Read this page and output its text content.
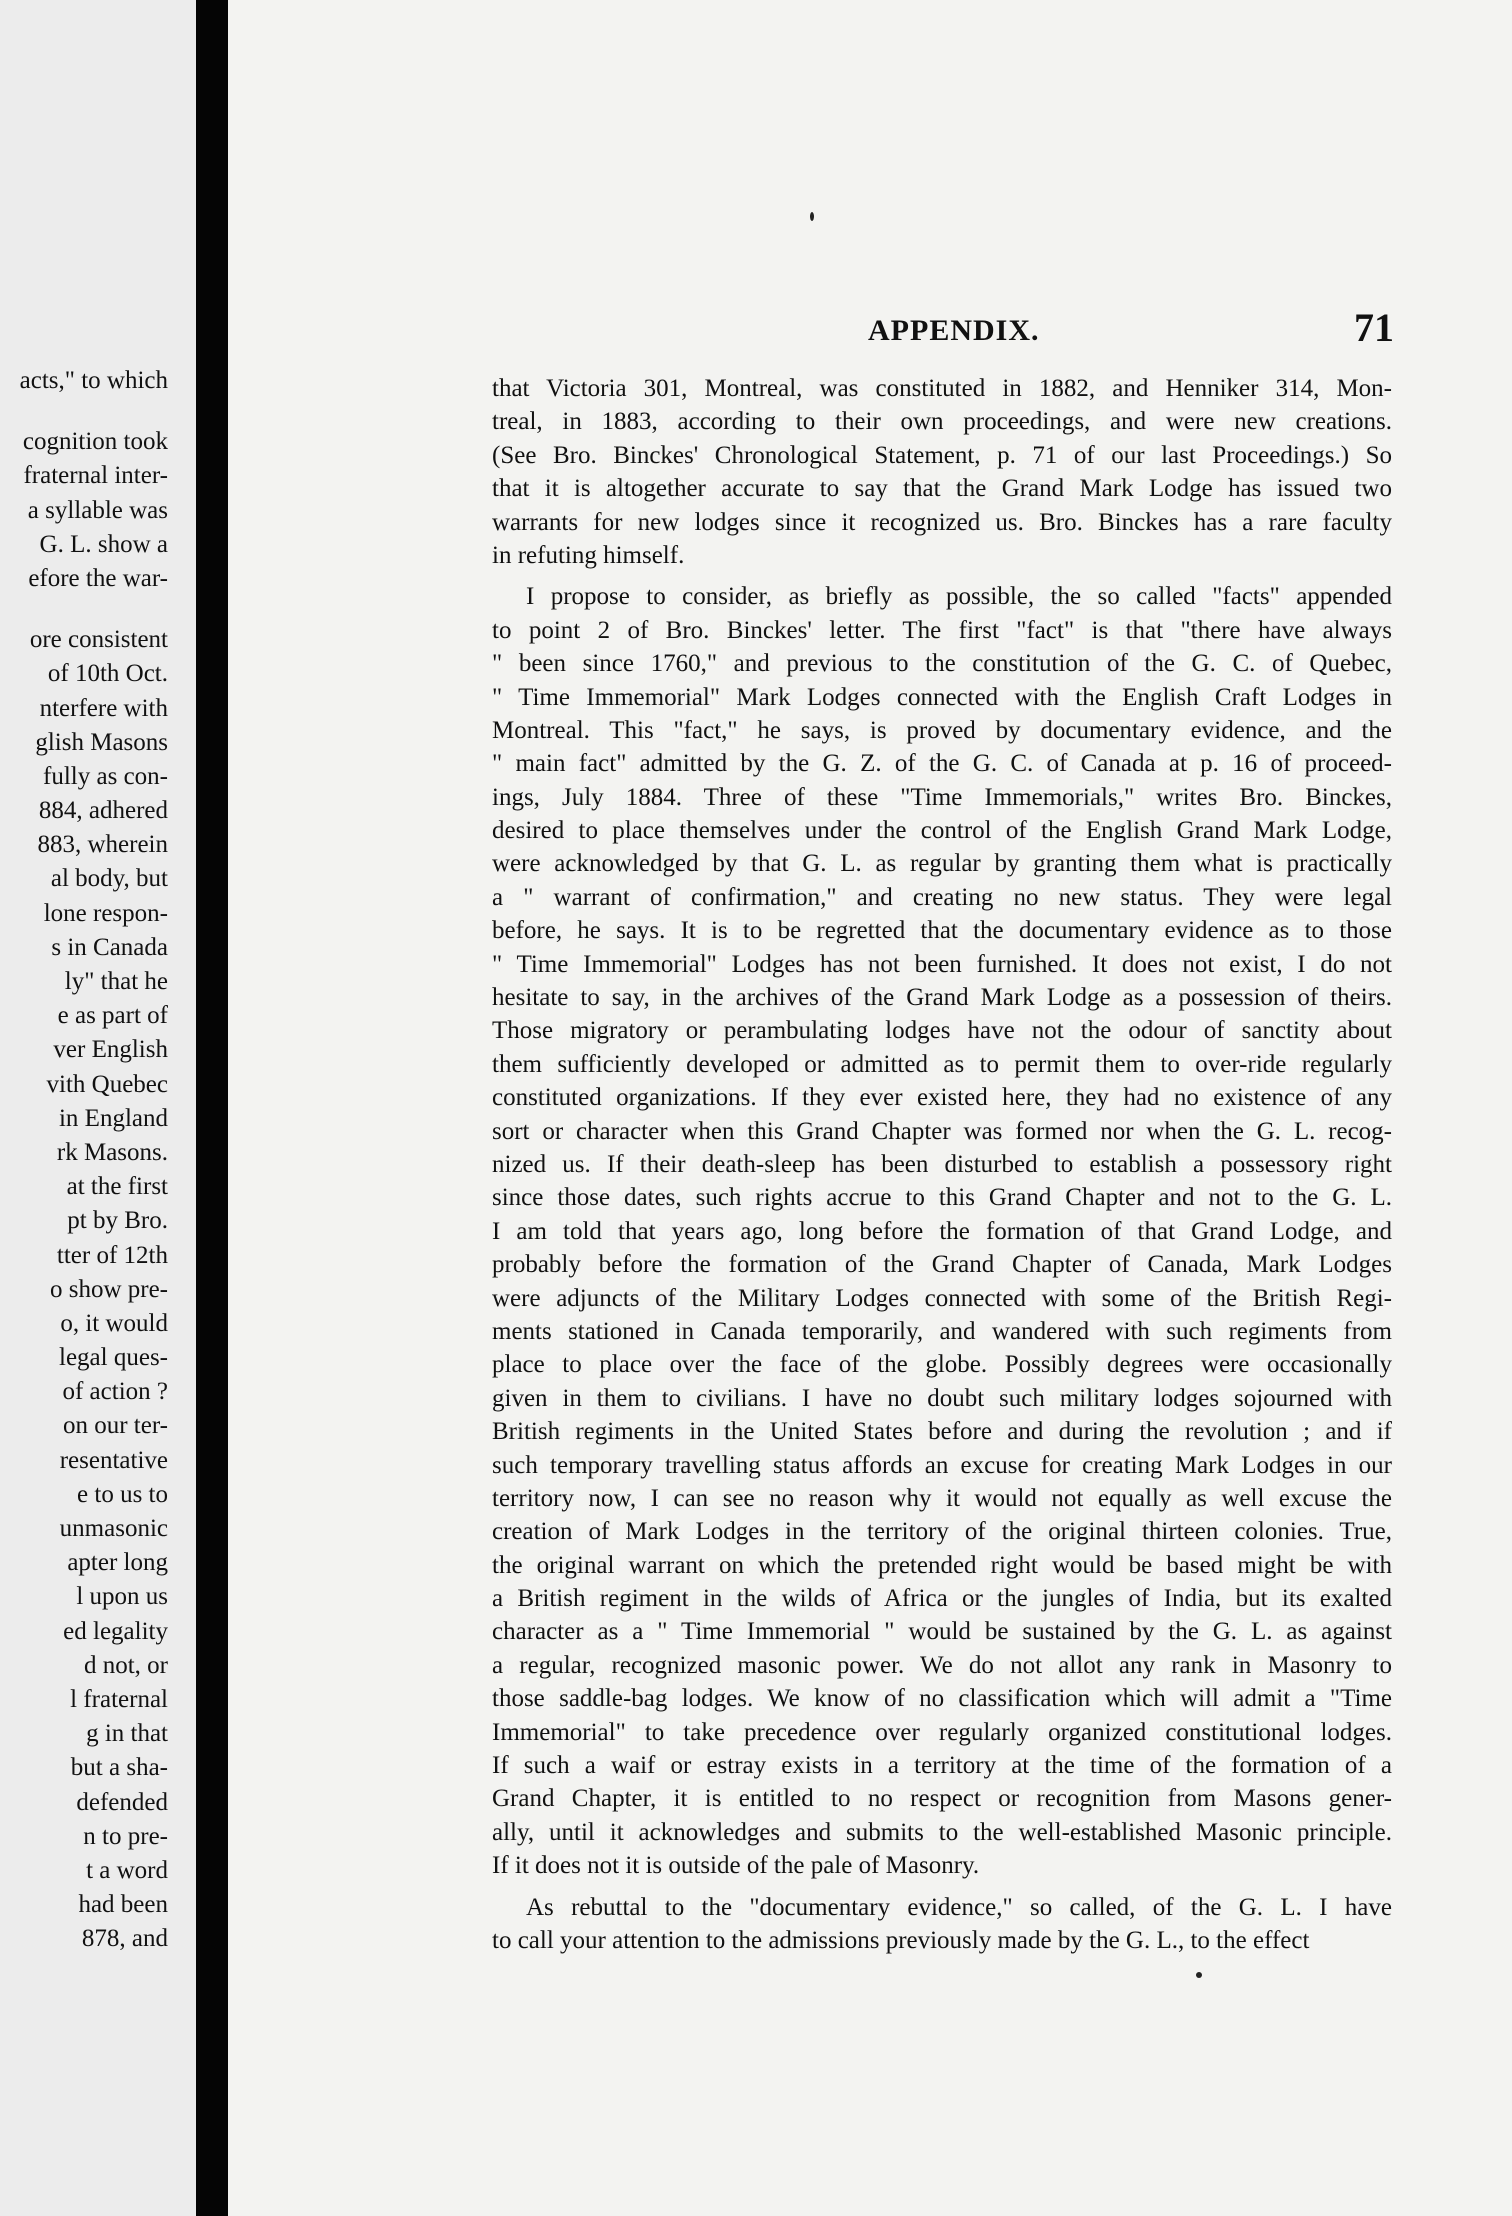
acts," to which
cognition took
fraternal inter-
a syllable was
G. L. show a
efore the war-
ore consistent
of 10th Oct.
nterfere with
glish Masons
fully as con-
884, adhered
883, wherein
al body, but
lone respon-
s in Canada
ly" that he
e as part of
ver English
vith Quebec
in England
rk Masons.
at the first
pt by Bro.
tter of 12th
o show pre-
o, it would
legal ques-
of action ?
on our ter-
resentative
e to us to
unmasonic
apter long
l upon us
ed legality
d not, or
l fraternal
g in that
but a sha-
defended
n to pre-
t a word
had been
878, and
APPENDIX.	71
that Victoria 301, Montreal, was constituted in 1882, and Henniker 314, Mon-
treal, in 1883, according to their own proceedings, and were new creations.
(See Bro. Binckes' Chronological Statement, p. 71 of our last Proceedings.) So
that it is altogether accurate to say that the Grand Mark Lodge has issued two
warrants for new lodges since it recognized us. Bro. Binckes has a rare faculty
in refuting himself.
I propose to consider, as briefly as possible, the so called "facts" appended
to point 2 of Bro. Binckes' letter. The first "fact" is that "there have always
" been since 1760," and previous to the constitution of the G. C. of Quebec,
" Time Immemorial" Mark Lodges connected with the English Craft Lodges in
Montreal. This "fact," he says, is proved by documentary evidence, and the
" main fact" admitted by the G. Z. of the G. C. of Canada at p. 16 of proceed-
ings, July 1884. Three of these "Time Immemorials," writes Bro. Binckes,
desired to place themselves under the control of the English Grand Mark Lodge,
were acknowledged by that G. L. as regular by granting them what is practically
a " warrant of confirmation," and creating no new status. They were legal
before, he says. It is to be regretted that the documentary evidence as to those
" Time Immemorial" Lodges has not been furnished. It does not exist, I do not
hesitate to say, in the archives of the Grand Mark Lodge as a possession of theirs.
Those migratory or perambulating lodges have not the odour of sanctity about
them sufficiently developed or admitted as to permit them to over-ride regularly
constituted organizations. If they ever existed here, they had no existence of any
sort or character when this Grand Chapter was formed nor when the G. L. recog-
nized us. If their death-sleep has been disturbed to establish a possessory right
since those dates, such rights accrue to this Grand Chapter and not to the G. L.
I am told that years ago, long before the formation of that Grand Lodge, and
probably before the formation of the Grand Chapter of Canada, Mark Lodges
were adjuncts of the Military Lodges connected with some of the British Regi-
ments stationed in Canada temporarily, and wandered with such regiments from
place to place over the face of the globe. Possibly degrees were occasionally
given in them to civilians. I have no doubt such military lodges sojourned with
British regiments in the United States before and during the revolution ; and if
such temporary travelling status affords an excuse for creating Mark Lodges in our
territory now, I can see no reason why it would not equally as well excuse the
creation of Mark Lodges in the territory of the original thirteen colonies. True,
the original warrant on which the pretended right would be based might be with
a British regiment in the wilds of Africa or the jungles of India, but its exalted
character as a " Time Immemorial " would be sustained by the G. L. as against
a regular, recognized masonic power. We do not allot any rank in Masonry to
those saddle-bag lodges. We know of no classification which will admit a "Time
Immemorial" to take precedence over regularly organized constitutional lodges.
If such a waif or estray exists in a territory at the time of the formation of a
Grand Chapter, it is entitled to no respect or recognition from Masons gener-
ally, until it acknowledges and submits to the well-established Masonic principle.
If it does not it is outside of the pale of Masonry.
As rebuttal to the "documentary evidence," so called, of the G. L. I have
to call your attention to the admissions previously made by the G. L., to the effect
